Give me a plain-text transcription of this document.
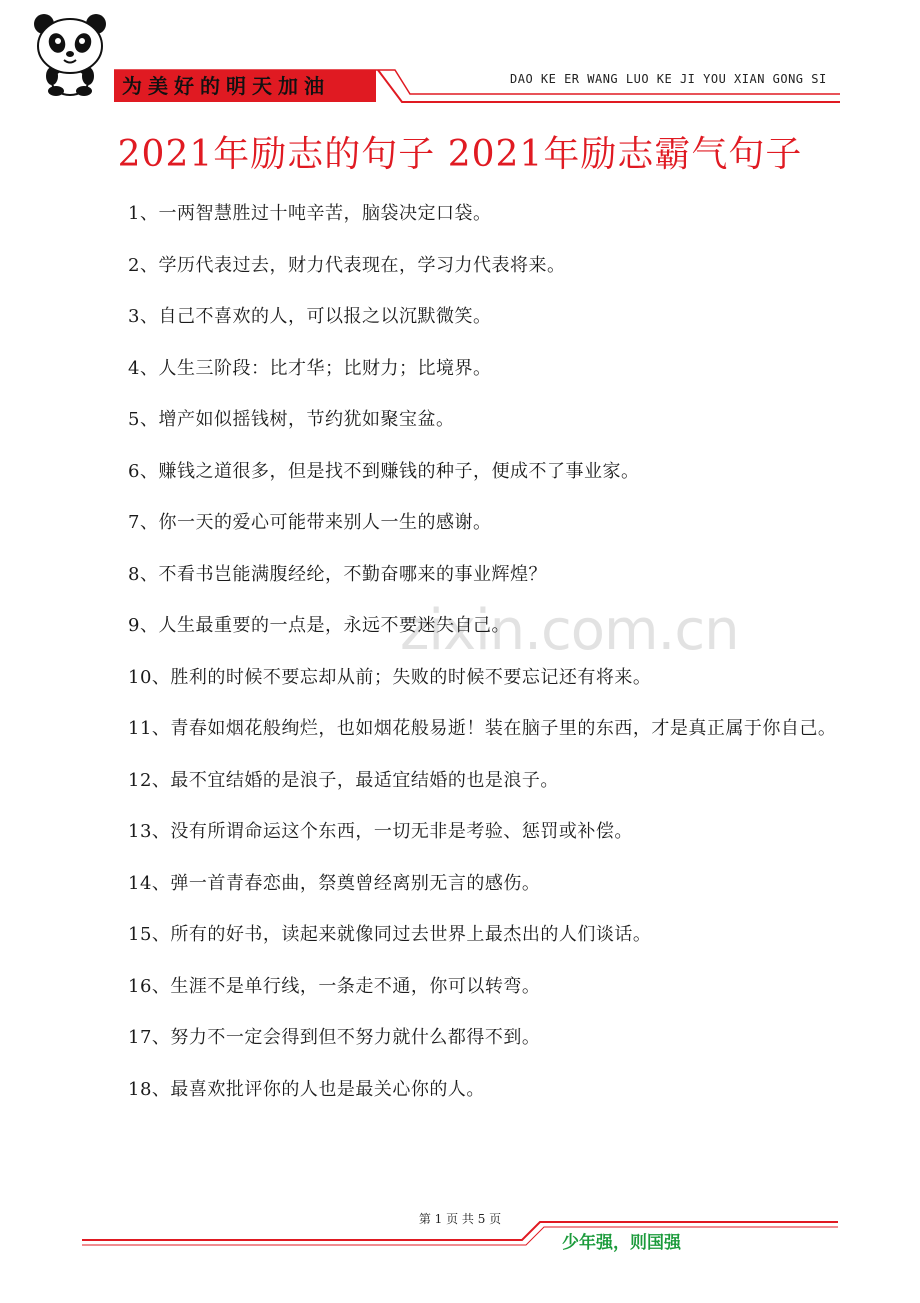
为美好的明天加油	DAO KE ER WANG LUO KE JI YOU XIAN GONG SI
2021年励志的句子 2021年励志霸气句子
zixin.com.cn

1、一两智慧胜过十吨辛苦，脑袋决定口袋。

2、学历代表过去，财力代表现在，学习力代表将来。

3、自己不喜欢的人，可以报之以沉默微笑。

4、人生三阶段：比才华；比财力；比境界。

5、增产如似摇钱树，节约犹如聚宝盆。

6、赚钱之道很多，但是找不到赚钱的种子，便成不了事业家。

7、你一天的爱心可能带来别人一生的感谢。

8、不看书岂能满腹经纶，不勤奋哪来的事业辉煌？

9、人生最重要的一点是，永远不要迷失自己。

10、胜利的时候不要忘却从前；失败的时候不要忘记还有将来。

11、青春如烟花般绚烂，也如烟花般易逝！装在脑子里的东西，才是真正属于你自己。

12、最不宜结婚的是浪子，最适宜结婚的也是浪子。

13、没有所谓命运这个东西，一切无非是考验、惩罚或补偿。

14、弹一首青春恋曲，祭奠曾经离别无言的感伤。

15、所有的好书，读起来就像同过去世界上最杰出的人们谈话。

16、生涯不是单行线，一条走不通，你可以转弯。

17、努力不一定会得到但不努力就什么都得不到。

18、最喜欢批评你的人也是最关心你的人。

第 1 页 共 5 页
少年强，则国强
